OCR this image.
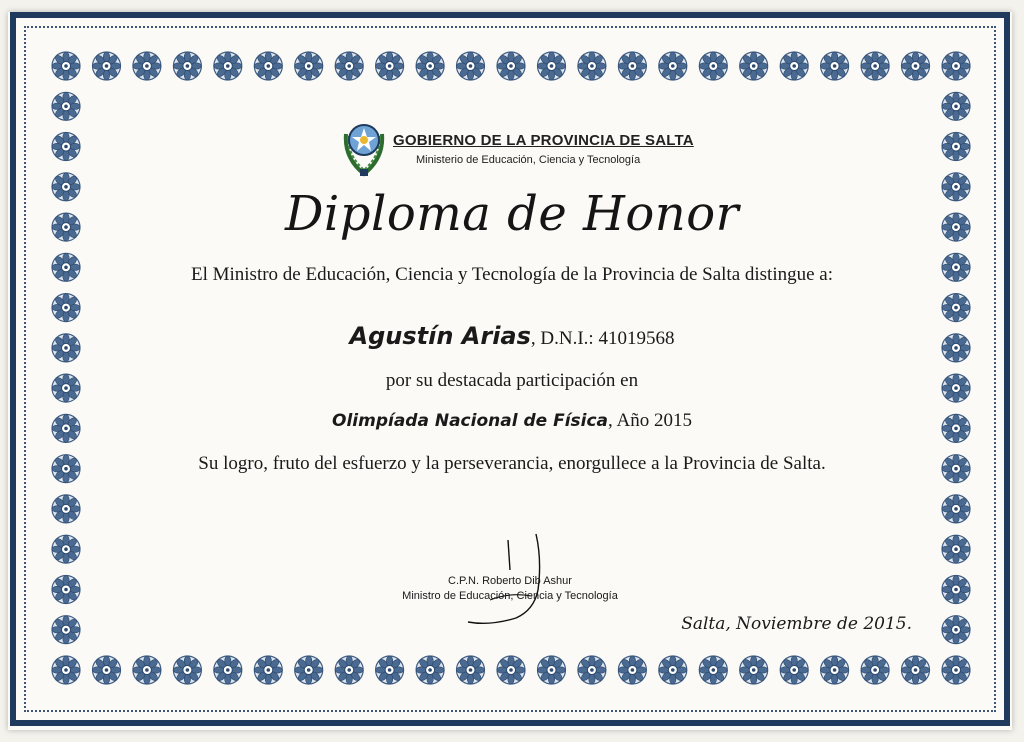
GOBIERNO DE LA PROVINCIA DE SALTA
Ministerio de Educación, Ciencia y Tecnología
Diploma de Honor
El Ministro de Educación, Ciencia y Tecnología de la Provincia de Salta distingue a:
Agustín Arias, D.N.I.: 41019568
por su destacada participación en
Olimpíada Nacional de Física, Año 2015
Su logro, fruto del esfuerzo y la perseverancia, enorgullece a la Provincia de Salta.
C.P.N. Roberto Dib Ashur
Ministro de Educación, Ciencia y Tecnología
Salta, Noviembre de 2015.
